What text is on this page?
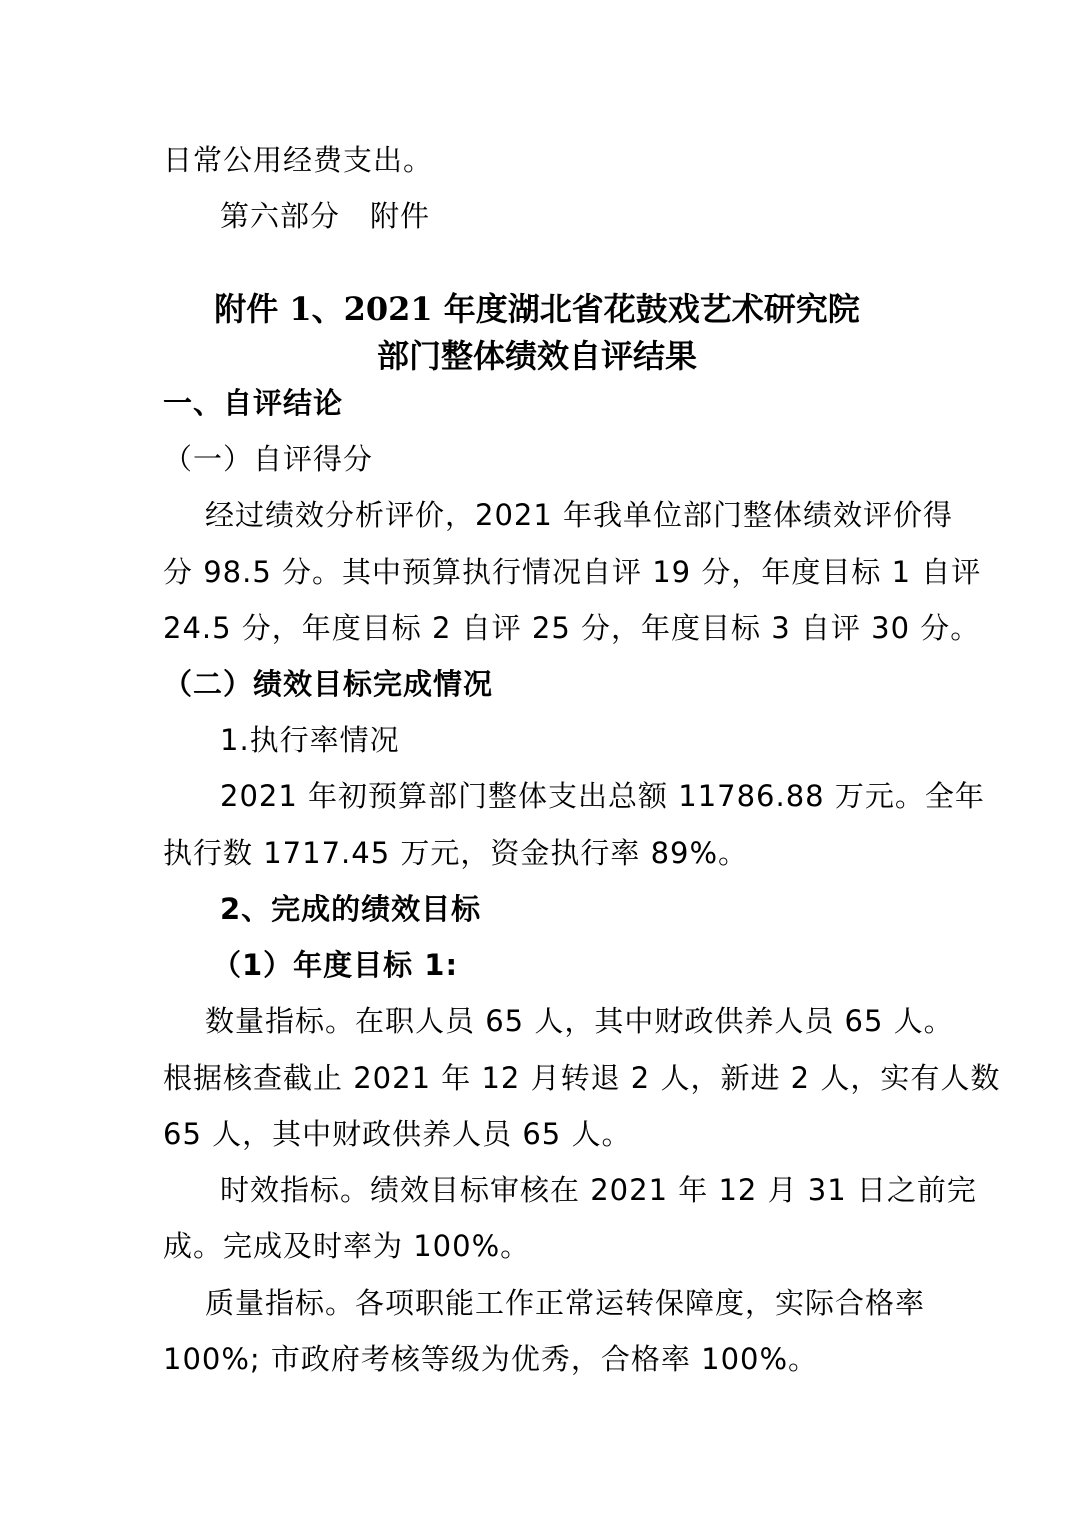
日常公用经费支出。

第六部分　附件

附件 1、2021 年度湖北省花鼓戏艺术研究院

部门整体绩效自评结果

一、自评结论

（一）自评得分

经过绩效分析评价，2021 年我单位部门整体绩效评价得

分 98.5 分。其中预算执行情况自评 19 分，年度目标 1 自评

24.5 分，年度目标 2 自评 25 分，年度目标 3 自评 30 分。

（二）绩效目标完成情况

1.执行率情况

2021 年初预算部门整体支出总额 11786.88 万元。全年

执行数 1717.45 万元，资金执行率 89%。

2、完成的绩效目标

（1）年度目标 1:

数量指标。在职人员 65 人，其中财政供养人员 65 人。

根据核查截止 2021 年 12 月转退 2 人，新进 2 人，实有人数

65 人，其中财政供养人员 65 人。

时效指标。绩效目标审核在 2021 年 12 月 31 日之前完

成。完成及时率为 100%。

质量指标。各项职能工作正常运转保障度，实际合格率

100%; 市政府考核等级为优秀，合格率 100%。
